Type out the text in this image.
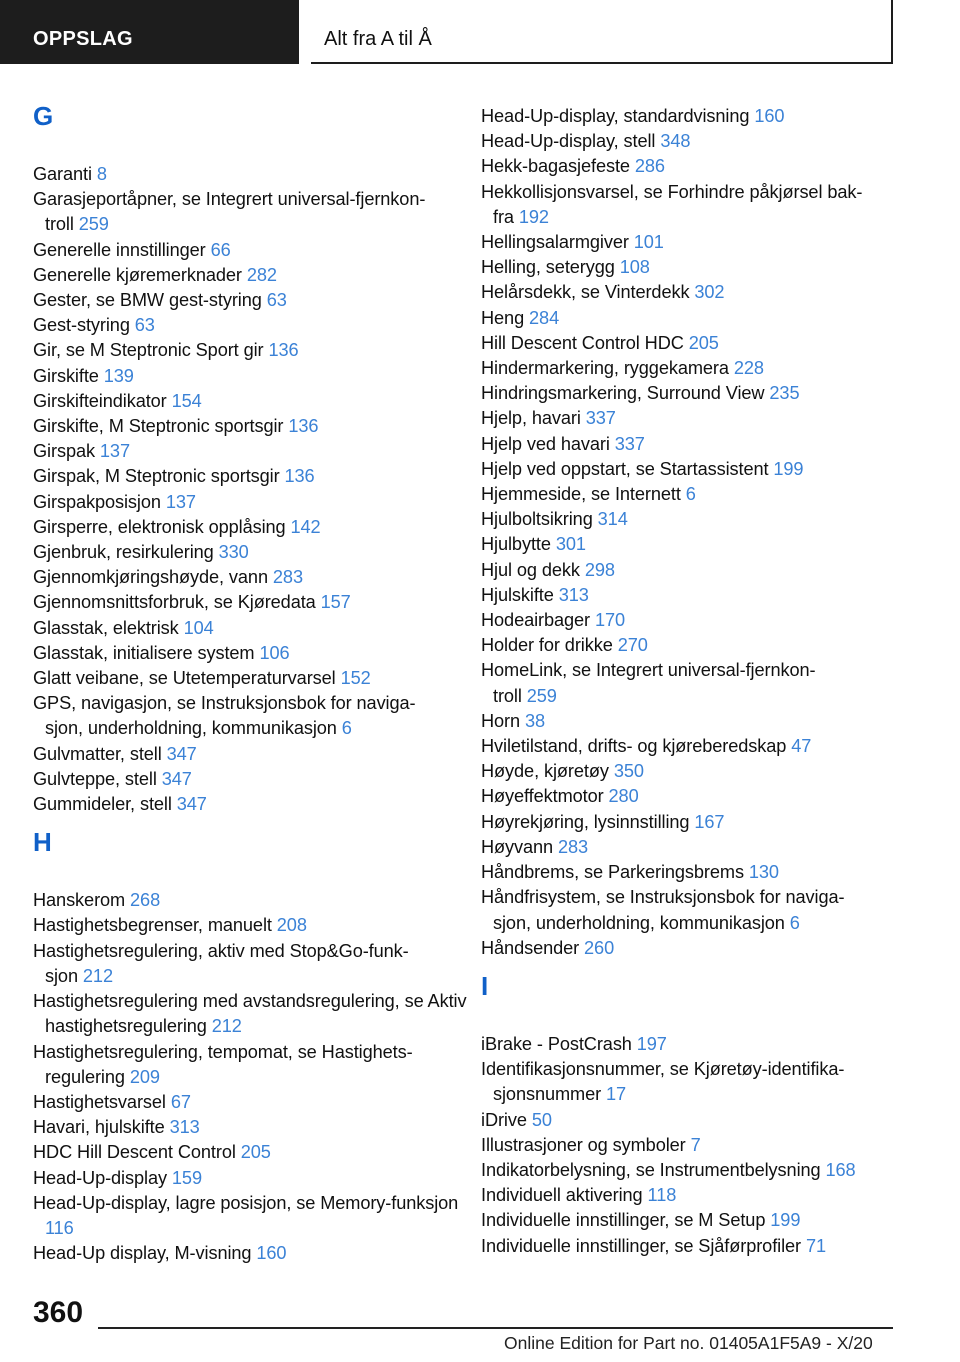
OPPSLAG	Alt fra A til Å
G
Garanti 8
Garasjeportåpner, se Integrert universal-fjernkon-
troll 259
Generelle innstillinger 66
Generelle kjøremerknader 282
Gester, se BMW gest-styring 63
Gest-styring 63
Gir, se M Steptronic Sport gir 136
Girskifte 139
Girskifteindikator 154
Girskifte, M Steptronic sportsgir 136
Girspak 137
Girspak, M Steptronic sportsgir 136
Girspakposisjon 137
Girsperre, elektronisk opplåsing 142
Gjenbruk, resirkulering 330
Gjennomkjøringshøyde, vann 283
Gjennomsnittsforbruk, se Kjøredata 157
Glasstak, elektrisk 104
Glasstak, initialisere system 106
Glatt veibane, se Utetemperaturvarsel 152
GPS, navigasjon, se Instruksjonsbok for naviga-
sjon, underholdning, kommunikasjon 6
Gulvmatter, stell 347
Gulvteppe, stell 347
Gummideler, stell 347
H
Hanskerom 268
Hastighetsbegrenser, manuelt 208
Hastighetsregulering, aktiv med Stop&Go-funk-
sjon 212
Hastighetsregulering med avstandsregulering, se Aktiv hastighetsregulering 212
Hastighetsregulering, tempomat, se Hastighets-
regulering 209
Hastighetsvarsel 67
Havari, hjulskifte 313
HDC Hill Descent Control 205
Head-Up-display 159
Head-Up-display, lagre posisjon, se Memory-funksjon 116
Head-Up display, M-visning 160
Head-Up-display, standardvisning 160
Head-Up-display, stell 348
Hekk-bagasjefeste 286
Hekkollisjonsvarsel, se Forhindre påkjørsel bak-
fra 192
Hellingsalarmgiver 101
Helling, seterygg 108
Helårsdekk, se Vinterdekk 302
Heng 284
Hill Descent Control HDC 205
Hindermarkering, ryggekamera 228
Hindringsmarkering, Surround View 235
Hjelp, havari 337
Hjelp ved havari 337
Hjelp ved oppstart, se Startassistent 199
Hjemmeside, se Internett 6
Hjulboltsikring 314
Hjulbytte 301
Hjul og dekk 298
Hjulskifte 313
Hodeairbager 170
Holder for drikke 270
HomeLink, se Integrert universal-fjernkon-
troll 259
Horn 38
Hviletilstand, drifts- og kjøreberedskap 47
Høyde, kjøretøy 350
Høyeffektmotor 280
Høyrekjøring, lysinnstilling 167
Høyvann 283
Håndbrems, se Parkeringsbrems 130
Håndfrisystem, se Instruksjonsbok for naviga-
sjon, underholdning, kommunikasjon 6
Håndsender 260
I
iBrake - PostCrash 197
Identifikasjonsnummer, se Kjøretøy-identifika-
sjonsnummer 17
iDrive 50
Illustrasjoner og symboler 7
Indikatorbelysning, se Instrumentbelysning 168
Individuell aktivering 118
Individuelle innstillinger, se M Setup 199
Individuelle innstillinger, se Sjåførprofiler 71
360
Online Edition for Part no. 01405A1F5A9 - X/20
